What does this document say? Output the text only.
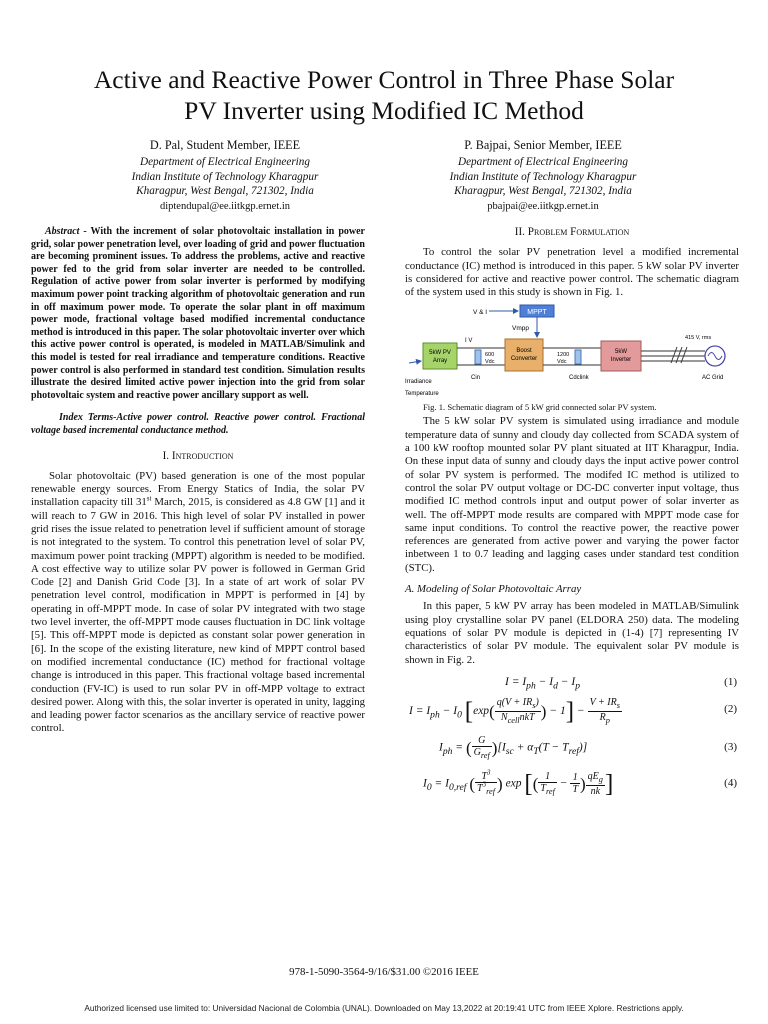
Active and Reactive Power Control in Three Phase Solar
PV Inverter using Modified IC Method
D. Pal, Student Member, IEEE
Department of Electrical Engineering
Indian Institute of Technology Kharagpur
Kharagpur, West Bengal, 721302, India
diptendupal@ee.iitkgp.ernet.in
P. Bajpai, Senior Member, IEEE
Department of Electrical Engineering
Indian Institute of Technology Kharagpur
Kharagpur, West Bengal, 721302, India
pbajpai@ee.iitkgp.ernet.in

Abstract - With the increment of solar photovoltaic installation in power grid, solar power penetration level, over loading of grid and power fluctuation are becoming prominent issues. To address the problems, active and reactive power fed to the grid from solar inverter are needed to be controlled. Regulation of active power from solar inverter is performed by modifying maximum power point tracking algorithm of photovoltaic generation and run in off maximum power mode. To operate the solar plant in off maximum power mode, fractional voltage based modified incremental conductance method is introduced in this paper. The solar photovoltaic inverter over which this active power control is operated, is modeled in MATLAB/Simulink and this model is tested for real irradiance and temperature conditions. Reactive power control is also performed in standard test condition. Simulation results illustrate the desired limited active power injection into the grid from solar photovoltaic system and reactive power ancillary support as well.

Index Terms-Active power control. Reactive power control. Fractional voltage based incremental conductance method.

I. Introduction

Solar photovoltaic (PV) based generation is one of the most popular renewable energy sources. From Energy Statics of India, the solar PV installation capacity till 31st March, 2015, is considered as 4.8 GW [1] and it will reach to 7 GW in 2016. This high level of solar PV installed in power grid rises the issue related to penetration level if sufficient amount of storage is not integrated to the system. To control this penetration level of solar PV, maximum power point tracking (MPPT) algorithm is needed to be modified. A cost effective way to utilize solar PV power is followed in German Grid Code [2] and Danish Grid Code [3]. In a state of art work of solar PV penetration level control, modification in MPPT is performed in [4] by operating in off-MPPT mode. In case of solar PV integrated with two stage two level inverter, the off-MPPT mode causes fluctuation in DC link voltage [5]. This off-MPPT mode is depicted as constant solar power generation in [6]. In the scope of the existing literature, new kind of MPPT control based on modified incremental conductance (IC) method for fractional voltage change is introduced in this paper. This fractional voltage based incremental conduction (FV-IC) is used to run solar PV in off-MPP voltage to extract desired power. Along with this, the solar inverter is operated in unity, lagging and leading power factor scenarios as the ancillary service of reactive power control.

II. Problem Formulation

To control the solar PV penetration level a modified incremental conductance (IC) method is introduced in this paper. 5 kW solar PV inverter is considered for active and reactive power control. The schematic diagram of the system used in this study is shown in Fig. 1.

MPPT
V & I
Vmpp
5kW PV
Array
I V
600
Vdc
Cin
Boost
Converter
1200
Vdc
Cdclink
5kW
Inverter
415 V, rms
AC Grid
Irradiance
Temperature
Fig. 1. Schematic diagram of 5 kW grid connected solar PV system.

The 5 kW solar PV system is simulated using irradiance and module temperature data of sunny and cloudy day collected from SCADA system of a 100 kW rooftop mounted solar PV plant situated at IIT Kharagpur, India. On these input data of sunny and cloudy days the input active power control of solar PV system is performed. The modifed IC method is utilized to control the solar PV output voltage or DC-DC converter input voltage, thus modified IC method controls input and output power of solar inverter as well. The off-MPPT mode results are compared with MPPT mode case for same input conditions. To control the reactive power, the reactive power references are generated from active power and varying the power factor inbetween 1 to 0.7 leading and lagging cases under standard test condition (STC).

A. Modeling of Solar Photovoltaic Array

In this paper, 5 kW PV array has been modeled in MATLAB/Simulink using ploy crystalline solar PV panel (ELDORA 250) data. The modeling equations of solar PV module is depicted in (1-4) [7] representing IV characteristics of solar PV module. The equivalent solar PV module is shown in Fig. 2.

$I = I_{ph} - I_d - I_p$	(1)
$I = I_{ph} - I_0$ [$\exp( \frac{q(V + IR_s)}{N_{cell}nkT}$ ) − $1] - \frac{V + IR_s}{R_p}$	(2)
$I_{ph}$ = ( $\frac{G}{G_{ref}} )[I_{sc} + \alpha_T(T - T_{ref})]$	(3)
$I_0 = I_{0,ref}$ ( $\frac{T^3}{T^3_{ref}}$ ) exp [( $\frac{1}{T_{ref}} - \frac{1}{T}$ ) $\frac{qE_g}{nk}$ ]	(4)
978-1-5090-3564-9/16/$31.00 ©2016 IEEE
Authorized licensed use limited to: Universidad Nacional de Colombia (UNAL). Downloaded on May 13,2022 at 20:19:41 UTC from IEEE Xplore. Restrictions apply.
